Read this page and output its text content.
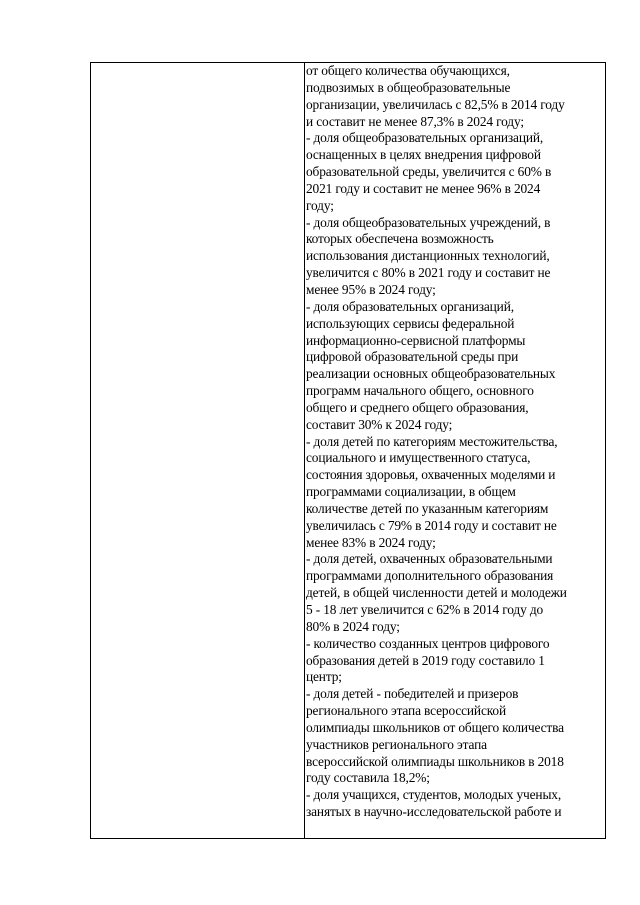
от общего количества обучающихся,
подвозимых в общеобразовательные
организации, увеличилась с 82,5% в 2014 году
и составит не менее 87,3% в 2024 году;
- доля общеобразовательных организаций,
оснащенных в целях внедрения цифровой
образовательной среды, увеличится с 60% в
2021 году и составит не менее 96% в 2024
году;
- доля общеобразовательных учреждений, в
которых обеспечена возможность
использования дистанционных технологий,
увеличится с 80% в 2021 году и составит не
менее 95% в 2024 году;
- доля образовательных организаций,
использующих сервисы федеральной
информационно-сервисной платформы
цифровой образовательной среды при
реализации основных общеобразовательных
программ начального общего, основного
общего и среднего общего образования,
составит 30% к 2024 году;
- доля детей по категориям местожительства,
социального и имущественного статуса,
состояния здоровья, охваченных моделями и
программами социализации, в общем
количестве детей по указанным категориям
увеличилась с 79% в 2014 году и составит не
менее 83% в 2024 году;
- доля детей, охваченных образовательными
программами дополнительного образования
детей, в общей численности детей и молодежи
5 - 18 лет увеличится с 62% в 2014 году до
80% в 2024 году;
- количество созданных центров цифрового
образования детей в 2019 году составило 1
центр;
- доля детей - победителей и призеров
регионального этапа всероссийской
олимпиады школьников от общего количества
участников регионального этапа
всероссийской олимпиады школьников в 2018
году составила 18,2%;
- доля учащихся, студентов, молодых ученых,
занятых в научно-исследовательской работе и
